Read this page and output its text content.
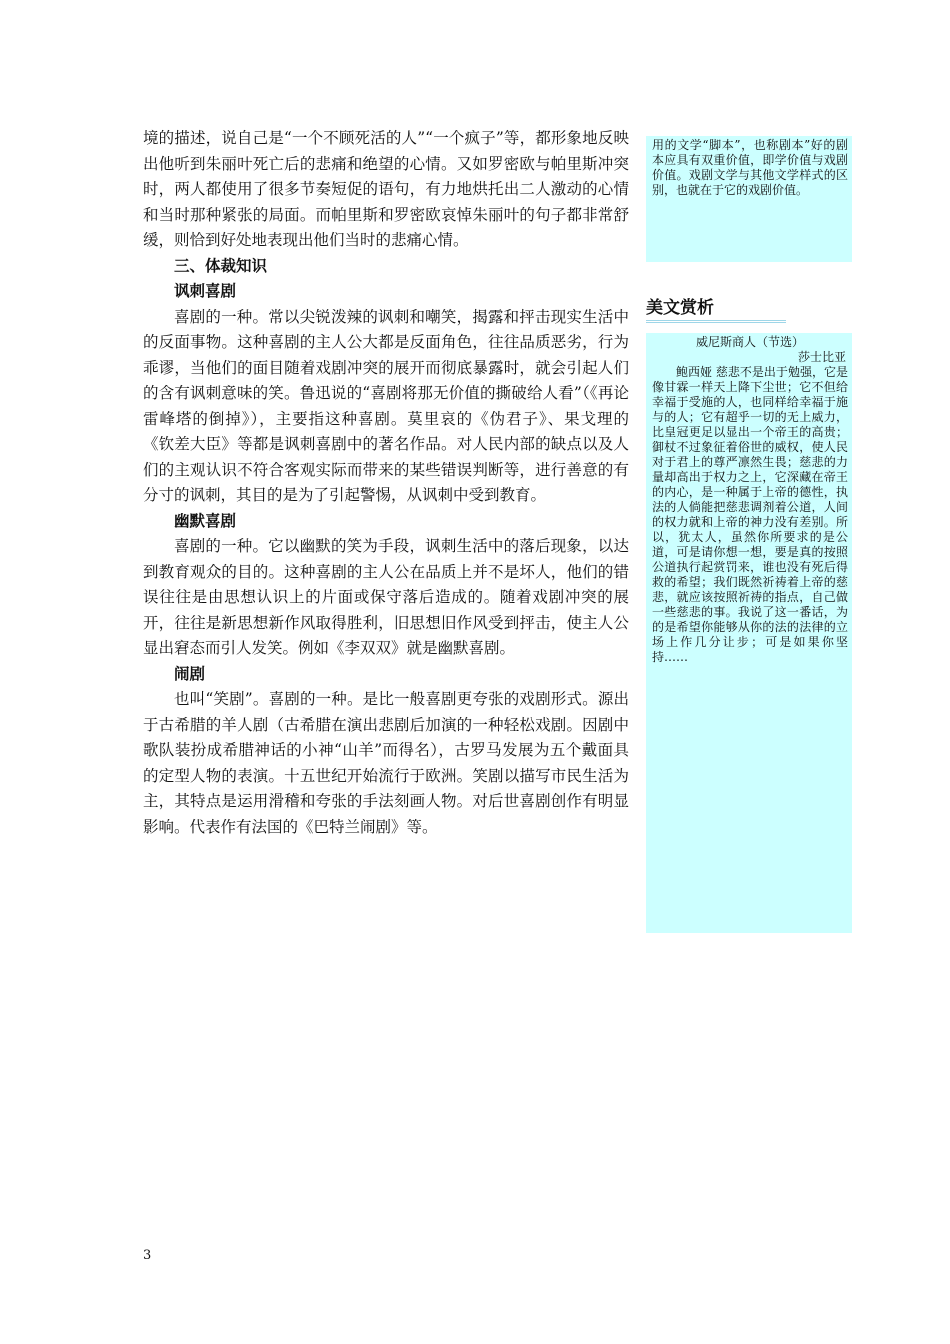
境的描述，说自己是“一个不顾死活的人”“一个疯子”等，都形象地反映出他听到朱丽叶死亡后的悲痛和绝望的心情。又如罗密欧与帕里斯冲突时，两人都使用了很多节奏短促的语句，有力地烘托出二人激动的心情和当时那种紧张的局面。而帕里斯和罗密欧哀悼朱丽叶的句子都非常舒缓，则恰到好处地表现出他们当时的悲痛心情。

三、体裁知识
讽刺喜剧

喜剧的一种。常以尖锐泼辣的讽刺和嘲笑，揭露和抨击现实生活中的反面事物。这种喜剧的主人公大都是反面角色，往往品质恶劣，行为乖谬，当他们的面目随着戏剧冲突的展开而彻底暴露时，就会引起人们的含有讽刺意味的笑。鲁迅说的“喜剧将那无价值的撕破给人看”（《再论雷峰塔的倒掉》），主要指这种喜剧。莫里哀的《伪君子》、果戈理的《钦差大臣》等都是讽刺喜剧中的著名作品。对人民内部的缺点以及人们的主观认识不符合客观实际而带来的某些错误判断等，进行善意的有分寸的讽刺，其目的是为了引起警惕，从讽刺中受到教育。

幽默喜剧

喜剧的一种。它以幽默的笑为手段，讽刺生活中的落后现象，以达到教育观众的目的。这种喜剧的主人公在品质上并不是坏人，他们的错误往往是由思想认识上的片面或保守落后造成的。随着戏剧冲突的展开，往往是新思想新作风取得胜利，旧思想旧作风受到抨击，使主人公显出窘态而引人发笑。例如《李双双》就是幽默喜剧。

闹剧

也叫“笑剧”。喜剧的一种。是比一般喜剧更夸张的戏剧形式。源出于古希腊的羊人剧（古希腊在演出悲剧后加演的一种轻松戏剧。因剧中歌队装扮成希腊神话的小神“山羊”而得名），古罗马发展为五个戴面具的定型人物的表演。十五世纪开始流行于欧洲。笑剧以描写市民生活为主，其特点是运用滑稽和夸张的手法刻画人物。对后世喜剧创作有明显影响。代表作有法国的《巴特兰闹剧》等。

用的文学“脚本”，也称剧本”好的剧本应具有双重价值，即学价值与戏剧价值。戏剧文学与其他文学样式的区别，也就在于它的戏剧价值。

美文赏析

威尼斯商人（节选）

莎士比亚

鲍西娅 慈悲不是出于勉强，它是像甘霖一样天上降下尘世；它不但给幸福于受施的人，也同样给幸福于施与的人；它有超乎一切的无上威力，比皇冠更足以显出一个帝王的高贵；御杖不过象征着俗世的威权，使人民对于君上的尊严凛然生畏；慈悲的力量却高出于权力之上，它深藏在帝王的内心，是一种属于上帝的德性，执法的人倘能把慈悲调剂着公道，人间的权力就和上帝的神力没有差别。所以，犹太人，虽然你所要求的是公道，可是请你想一想，要是真的按照公道执行起赏罚来，谁也没有死后得救的希望；我们既然祈祷着上帝的慈悲，就应该按照祈祷的指点，自己做一些慈悲的事。我说了这一番话，为的是希望你能够从你的法的法律的立场上作几分让步；可是如果你坚持……

3
